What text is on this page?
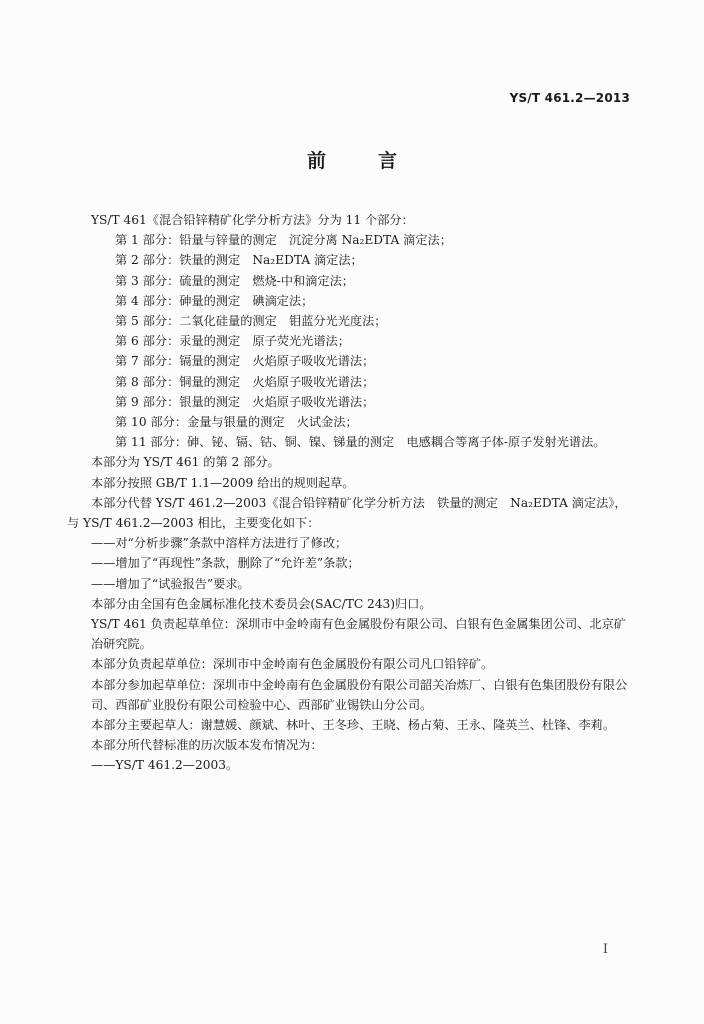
YS/T 461.2—2013
前言
YS/T 461《混合铅锌精矿化学分析方法》分为 11 个部分：
第 1 部分：铅量与锌量的测定　沉淀分离 Na₂EDTA 滴定法；
第 2 部分：铁量的测定　Na₂EDTA 滴定法；
第 3 部分：硫量的测定　燃烧-中和滴定法；
第 4 部分：砷量的测定　碘滴定法；
第 5 部分：二氧化硅量的测定　钼蓝分光光度法；
第 6 部分：汞量的测定　原子荧光光谱法；
第 7 部分：镉量的测定　火焰原子吸收光谱法；
第 8 部分：铜量的测定　火焰原子吸收光谱法；
第 9 部分：银量的测定　火焰原子吸收光谱法；
第 10 部分：金量与银量的测定　火试金法；
第 11 部分：砷、铋、镉、钴、铜、镍、锑量的测定　电感耦合等离子体-原子发射光谱法。
本部分为 YS/T 461 的第 2 部分。
本部分按照 GB/T 1.1—2009 给出的规则起草。
本部分代替 YS/T 461.2—2003《混合铅锌精矿化学分析方法　铁量的测定　Na₂EDTA 滴定法》，
与 YS/T 461.2—2003 相比，主要变化如下：
——对“分析步骤”条款中溶样方法进行了修改；
——增加了“再现性”条款，删除了“允许差”条款；
——增加了“试验报告”要求。
本部分由全国有色金属标准化技术委员会(SAC/TC 243)归口。
YS/T 461 负责起草单位：深圳市中金岭南有色金属股份有限公司、白银有色金属集团公司、北京矿冶研究院。
本部分负责起草单位：深圳市中金岭南有色金属股份有限公司凡口铅锌矿。
本部分参加起草单位：深圳市中金岭南有色金属股份有限公司韶关冶炼厂、白银有色集团股份有限公司、西部矿业股份有限公司检验中心、西部矿业锡铁山分公司。
本部分主要起草人：谢慧媛、颜斌、林叶、王冬珍、王晓、杨占菊、王永、隆英兰、杜锋、李莉。
本部分所代替标准的历次版本发布情况为：
——YS/T 461.2—2003。
Ⅰ
